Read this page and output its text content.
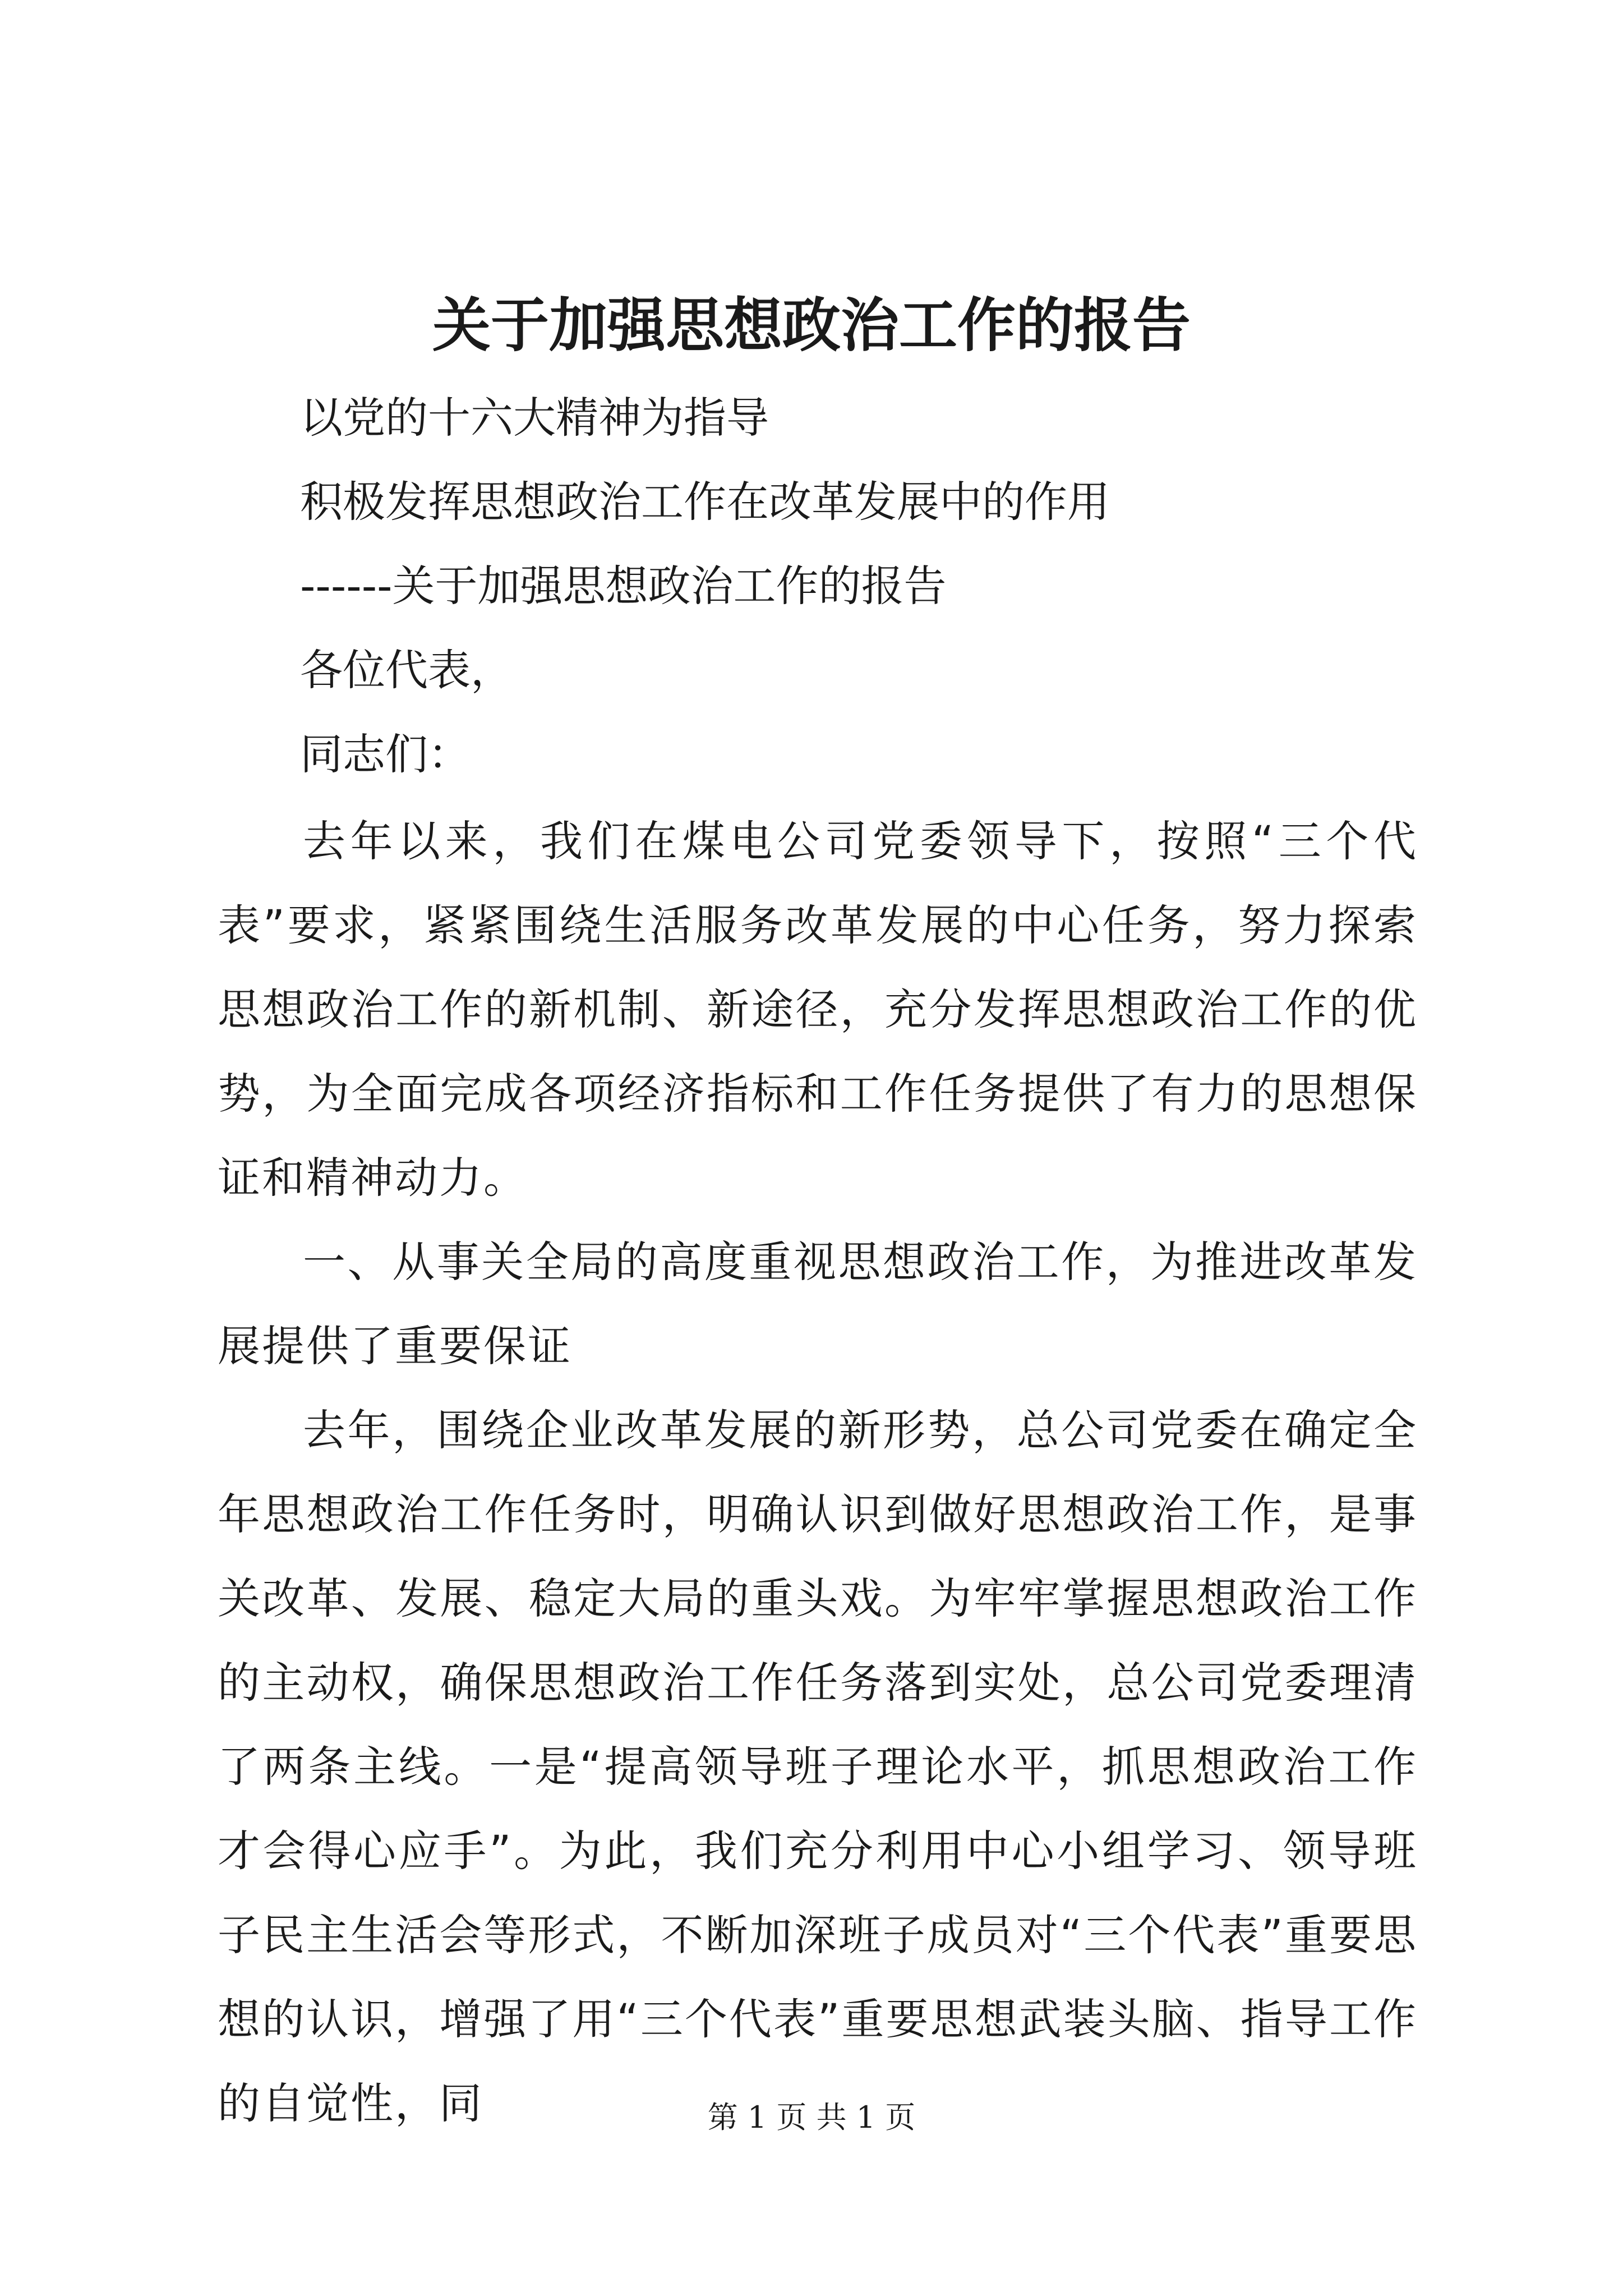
关于加强思想政治工作的报告

以党的十六大精神为指导

积极发挥思想政治工作在改革发展中的作用

------关于加强思想政治工作的报告

各位代表，

同志们：

去年以来，我们在煤电公司党委领导下，按照“三个代表”要求，紧紧围绕生活服务改革发展的中心任务，努力探索思想政治工作的新机制、新途径，充分发挥思想政治工作的优势，为全面完成各项经济指标和工作任务提供了有力的思想保证和精神动力。

一、从事关全局的高度重视思想政治工作，为推进改革发展提供了重要保证

去年，围绕企业改革发展的新形势，总公司党委在确定全年思想政治工作任务时，明确认识到做好思想政治工作，是事关改革、发展、稳定大局的重头戏。为牢牢掌握思想政治工作的主动权，确保思想政治工作任务落到实处，总公司党委理清了两条主线。一是“提高领导班子理论水平，抓思想政治工作才会得心应手”。为此，我们充分利用中心小组学习、领导班子民主生活会等形式，不断加深班子成员对“三个代表”重要思想的认识，增强了用“三个代表”重要思想武装头脑、指导工作的自觉性，同	第 1 页 共 1 页
